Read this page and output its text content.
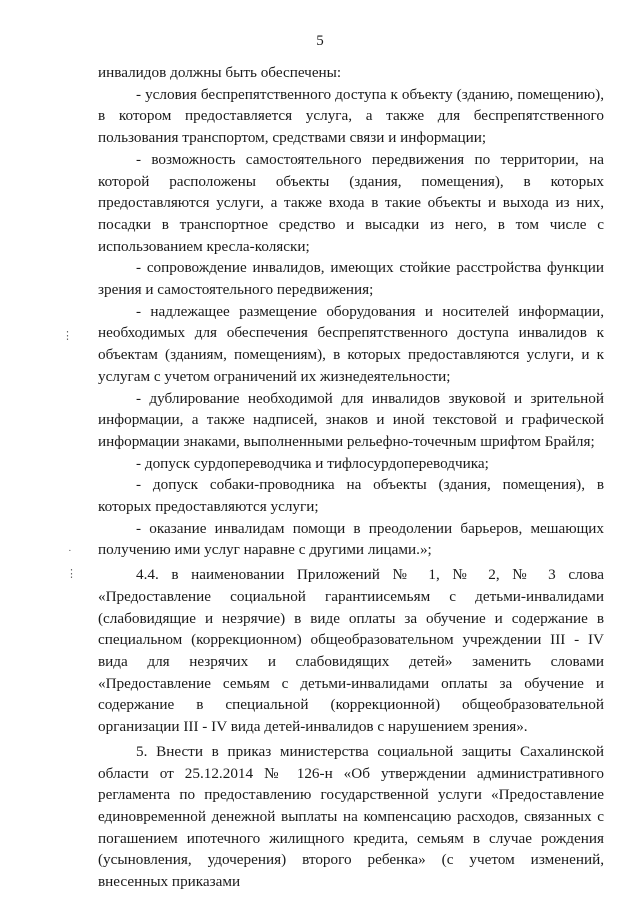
5

инвалидов должны быть обеспечены:

- условия беспрепятственного доступа к объекту (зданию, помещению), в котором предоставляется услуга, а также для беспрепятственного пользования транспортом, средствами связи и информации;

- возможность самостоятельного передвижения по территории, на которой расположены объекты (здания, помещения), в которых предоставляются услуги, а также входа в такие объекты и выхода из них, посадки в транспортное средство и высадки из него, в том числе с использованием кресла-коляски;

- сопровождение инвалидов, имеющих стойкие расстройства функции зрения и самостоятельного передвижения;

- надлежащее размещение оборудования и носителей информации, необходимых для обеспечения беспрепятственного доступа инвалидов к объектам (зданиям, помещениям), в которых предоставляются услуги, и к услугам с учетом ограничений их жизнедеятельности;

- дублирование необходимой для инвалидов звуковой и зрительной информации, а также надписей, знаков и иной текстовой и графической информации знаками, выполненными рельефно-точечным шрифтом Брайля;

- допуск сурдопереводчика и тифлосурдопереводчика;

- допуск собаки-проводника на объекты (здания, помещения), в которых предоставляются услуги;

- оказание инвалидам помощи в преодолении барьеров, мешающих получению ими услуг наравне с другими лицами.»;

4.4. в наименовании Приложений № 1, № 2, № 3 слова «Предоставление социальной гарантиисемьям с детьми-инвалидами (слабовидящие и незрячие) в виде оплаты за обучение и содержание в специальном (коррекционном) общеобразовательном учреждении III - IV вида для незрячих и слабовидящих детей» заменить словами «Предоставление семьям с детьми-инвалидами оплаты за обучение и содержание в специальной (коррекционной) общеобразовательной организации III - IV вида детей-инвалидов с нарушением зрения».

5. Внести в приказ министерства социальной защиты Сахалинской области от 25.12.2014 № 126-н «Об утверждении административного регламента по предоставлению государственной услуги «Предоставление единовременной денежной выплаты на компенсацию расходов, связанных с погашением ипотечного жилищного кредита, семьям в случае рождения (усыновления, удочерения) второго ребенка» (с учетом изменений, внесенных приказами

⋮
·
⋮
